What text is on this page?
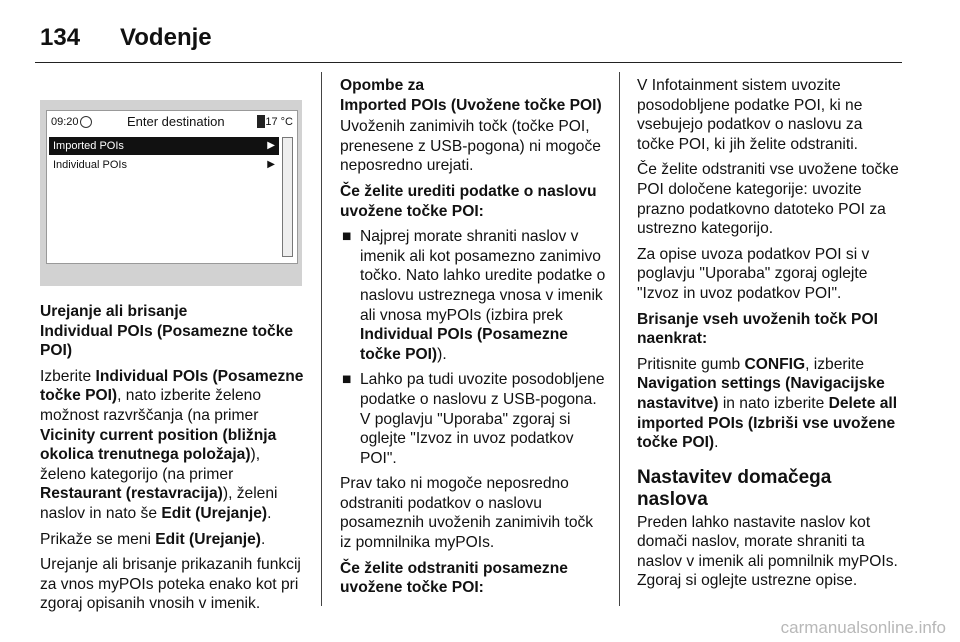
134 Vodenje
09:20	Enter destination	17 °C
Imported POIs	▶
Individual POIs	▶

Urejanje ali brisanje
Individual POIs (Posamezne točke POI)

Izberite Individual POIs (Posamezne točke POI), nato izberite želeno možnost razvrščanja (na primer Vicinity current position (bližnja okolica trenutnega položaja)), želeno kategorijo (na primer Restaurant (restavracija)), želeni naslov in nato še Edit (Urejanje).

Prikaže se meni Edit (Urejanje).

Urejanje ali brisanje prikazanih funkcij za vnos myPOIs poteka enako kot pri zgoraj opisanih vnosih v imenik.

Opombe za
Imported POIs (Uvožene točke POI)

Uvoženih zanimivih točk (točke POI, prenesene z USB-pogona) ni mogoče neposredno urejati.

Če želite urediti podatke o naslovu uvožene točke POI:

■ Najprej morate shraniti naslov v imenik ali kot posamezno zanimivo točko. Nato lahko uredite podatke o naslovu ustreznega vnosa v imenik ali vnosa myPOIs (izbira prek Individual POIs (Posamezne točke POI)).
■ Lahko pa tudi uvozite posodobljene podatke o naslovu z USB-pogona. V poglavju "Uporaba" zgoraj si oglejte "Izvoz in uvoz podatkov POI".

Prav tako ni mogoče neposredno odstraniti podatkov o naslovu posameznih uvoženih zanimivih točk iz pomnilnika myPOIs.

Če želite odstraniti posamezne uvožene točke POI:

V Infotainment sistem uvozite posodobljene podatke POI, ki ne vsebujejo podatkov o naslovu za točke POI, ki jih želite odstraniti.

Če želite odstraniti vse uvožene točke POI določene kategorije: uvozite prazno podatkovno datoteko POI za ustrezno kategorijo.

Za opise uvoza podatkov POI si v poglavju "Uporaba" zgoraj oglejte "Izvoz in uvoz podatkov POI".

Brisanje vseh uvoženih točk POI naenkrat:

Pritisnite gumb CONFIG, izberite Navigation settings (Navigacijske nastavitve) in nato izberite Delete all imported POIs (Izbriši vse uvožene točke POI).

Nastavitev domačega naslova

Preden lahko nastavite naslov kot domači naslov, morate shraniti ta naslov v imenik ali pomnilnik myPOIs. Zgoraj si oglejte ustrezne opise.

carmanualsonline.info
